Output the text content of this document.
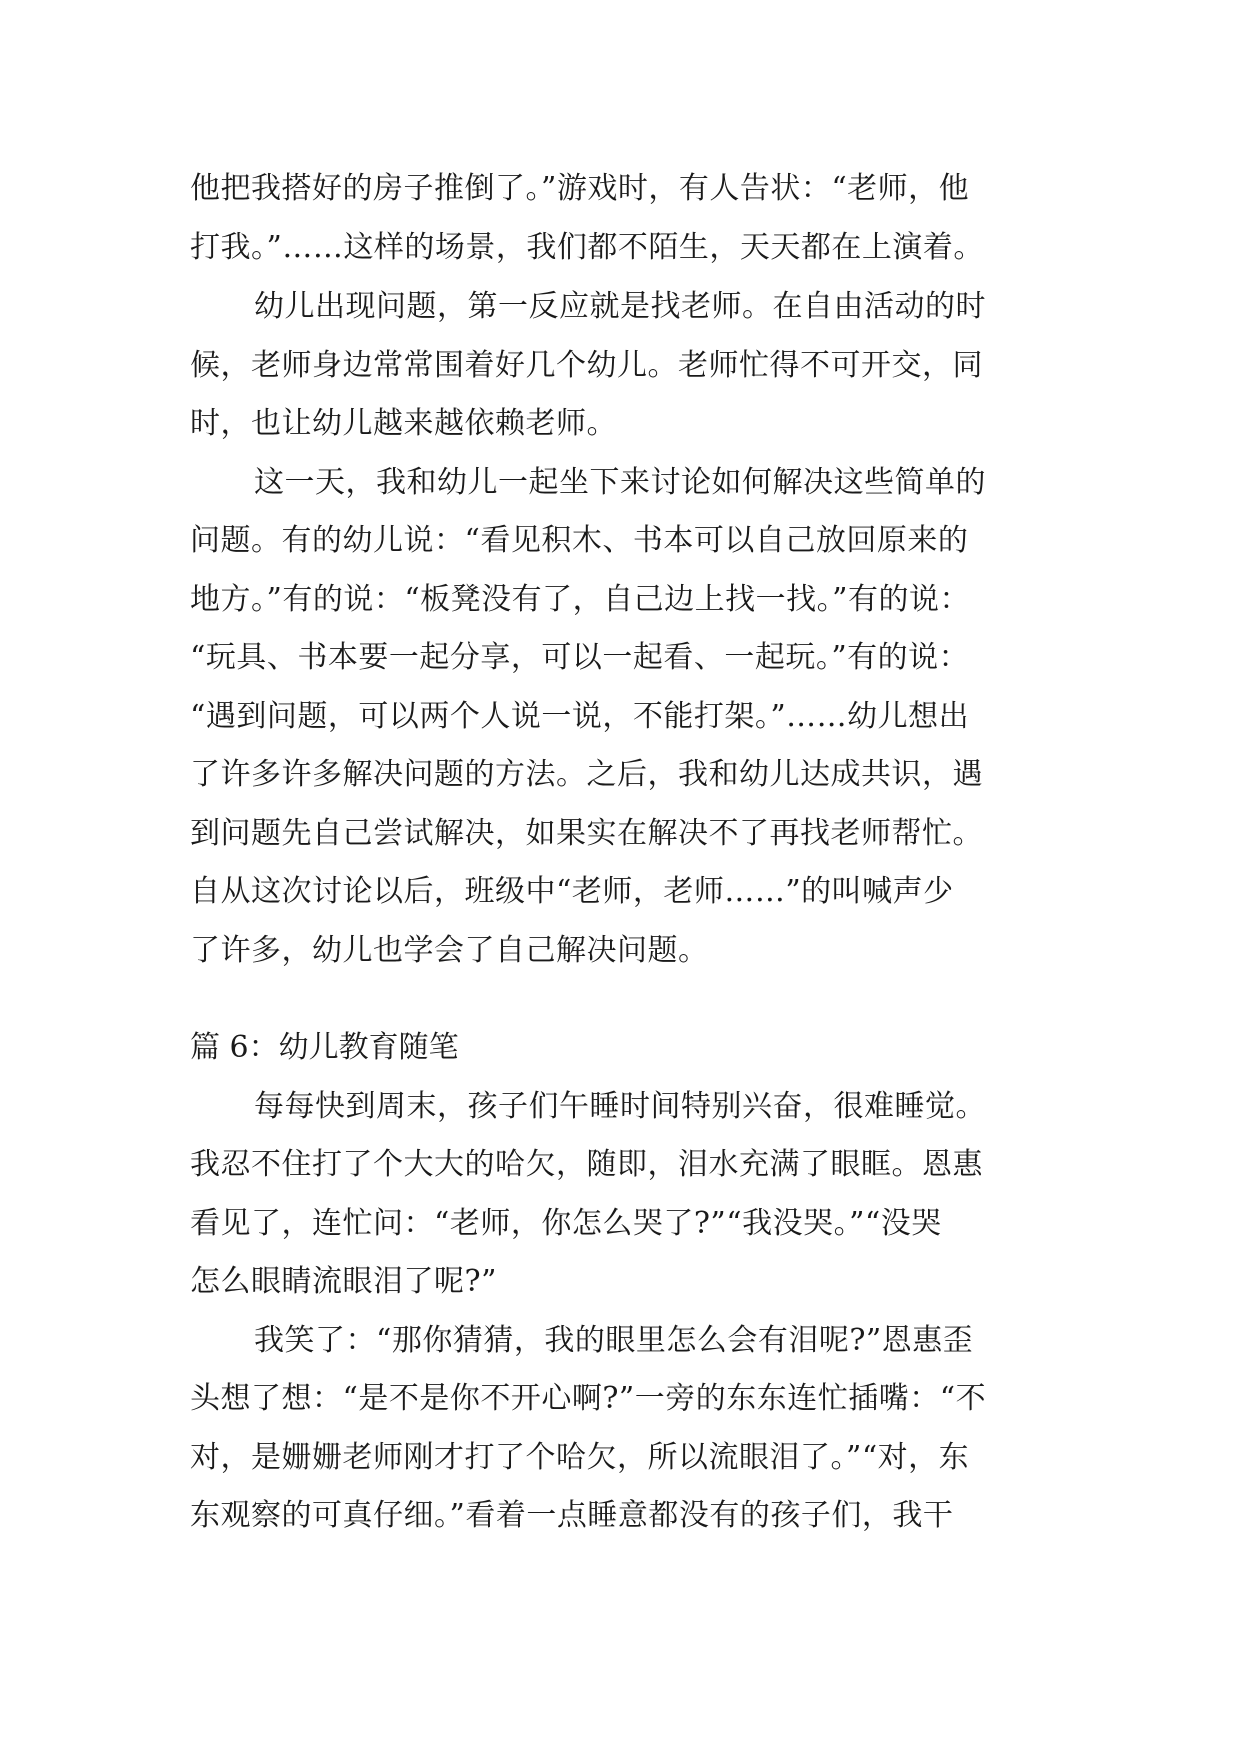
他把我搭好的房子推倒了。”游戏时，有人告状：“老师，他
打我。”……这样的场景，我们都不陌生，天天都在上演着。
幼儿出现问题，第一反应就是找老师。在自由活动的时
候，老师身边常常围着好几个幼儿。老师忙得不可开交，同
时，也让幼儿越来越依赖老师。
这一天，我和幼儿一起坐下来讨论如何解决这些简单的
问题。有的幼儿说：“看见积木、书本可以自己放回原来的
地方。”有的说：“板凳没有了，自己边上找一找。”有的说：
“玩具、书本要一起分享，可以一起看、一起玩。”有的说：
“遇到问题，可以两个人说一说，不能打架。”……幼儿想出
了许多许多解决问题的方法。之后，我和幼儿达成共识，遇
到问题先自己尝试解决，如果实在解决不了再找老师帮忙。
自从这次讨论以后，班级中“老师，老师……”的叫喊声少
了许多，幼儿也学会了自己解决问题。
篇 6：幼儿教育随笔
每每快到周末，孩子们午睡时间特别兴奋，很难睡觉。
我忍不住打了个大大的哈欠，随即，泪水充满了眼眶。恩惠
看见了，连忙问：“老师，你怎么哭了?”“我没哭。”“没哭
怎么眼睛流眼泪了呢?”
我笑了：“那你猜猜，我的眼里怎么会有泪呢?”恩惠歪
头想了想：“是不是你不开心啊?”一旁的东东连忙插嘴：“不
对，是姗姗老师刚才打了个哈欠，所以流眼泪了。”“对，东
东观察的可真仔细。”看着一点睡意都没有的孩子们，我干
